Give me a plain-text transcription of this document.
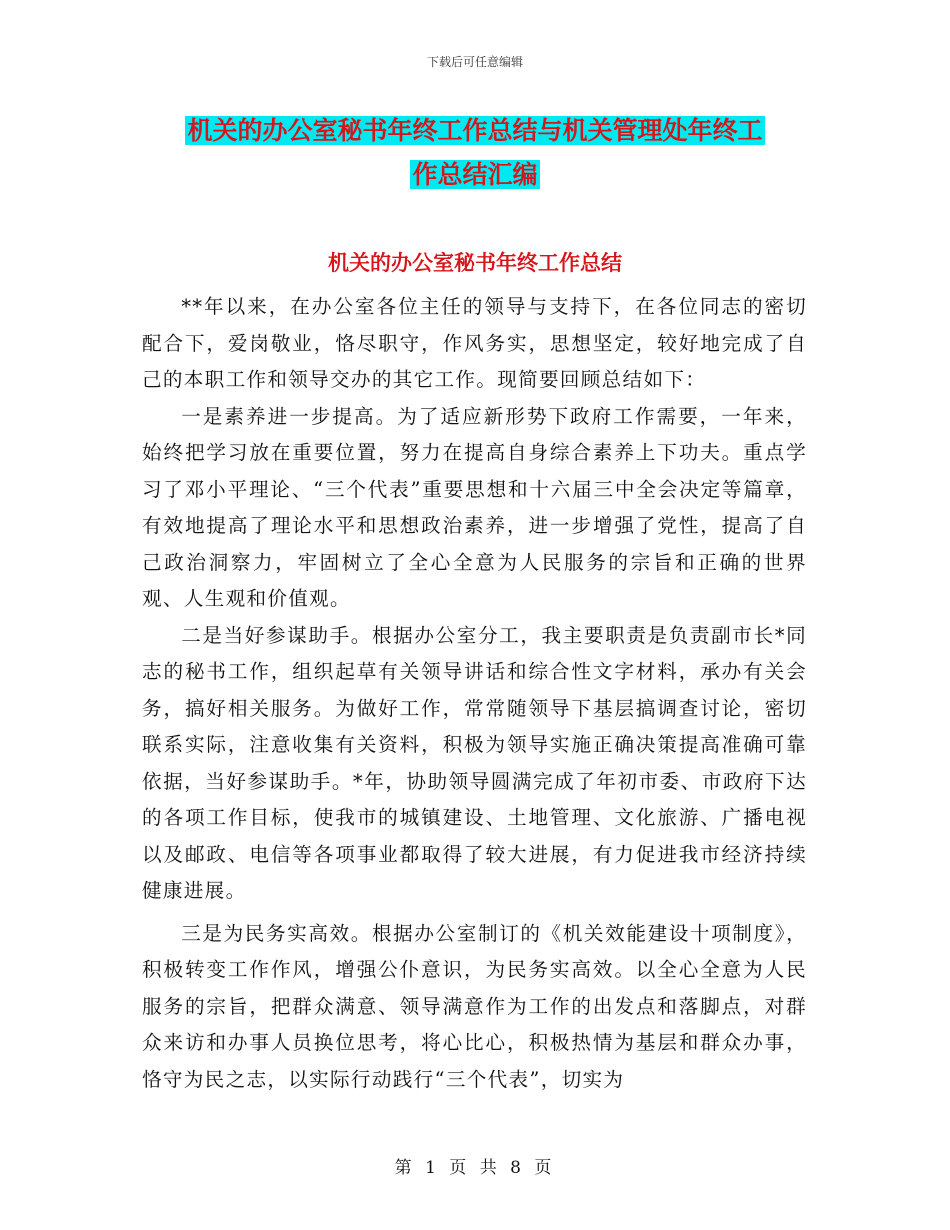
下载后可任意编辑
机关的办公室秘书年终工作总结与机关管理处年终工
作总结汇编
机关的办公室秘书年终工作总结

**年以来，在办公室各位主任的领导与支持下，在各位同志的密切配合下，爱岗敬业，恪尽职守，作风务实，思想坚定，较好地完成了自己的本职工作和领导交办的其它工作。现简要回顾总结如下：

一是素养进一步提高。为了适应新形势下政府工作需要，一年来，始终把学习放在重要位置，努力在提高自身综合素养上下功夫。重点学习了邓小平理论、“三个代表”重要思想和十六届三中全会决定等篇章，有效地提高了理论水平和思想政治素养，进一步增强了党性，提高了自己政治洞察力，牢固树立了全心全意为人民服务的宗旨和正确的世界观、人生观和价值观。

二是当好参谋助手。根据办公室分工，我主要职责是负责副市长*同志的秘书工作，组织起草有关领导讲话和综合性文字材料，承办有关会务，搞好相关服务。为做好工作，常常随领导下基层搞调查讨论，密切联系实际，注意收集有关资料，积极为领导实施正确决策提高准确可靠依据，当好参谋助手。*年，协助领导圆满完成了年初市委、市政府下达的各项工作目标，使我市的城镇建设、土地管理、文化旅游、广播电视以及邮政、电信等各项事业都取得了较大进展，有力促进我市经济持续健康进展。

三是为民务实高效。根据办公室制订的《机关效能建设十项制度》，积极转变工作作风，增强公仆意识，为民务实高效。以全心全意为人民服务的宗旨，把群众满意、领导满意作为工作的出发点和落脚点，对群众来访和办事人员换位思考，将心比心，积极热情为基层和群众办事，恪守为民之志，以实际行动践行“三个代表”，切实为

第 1 页 共 8 页
